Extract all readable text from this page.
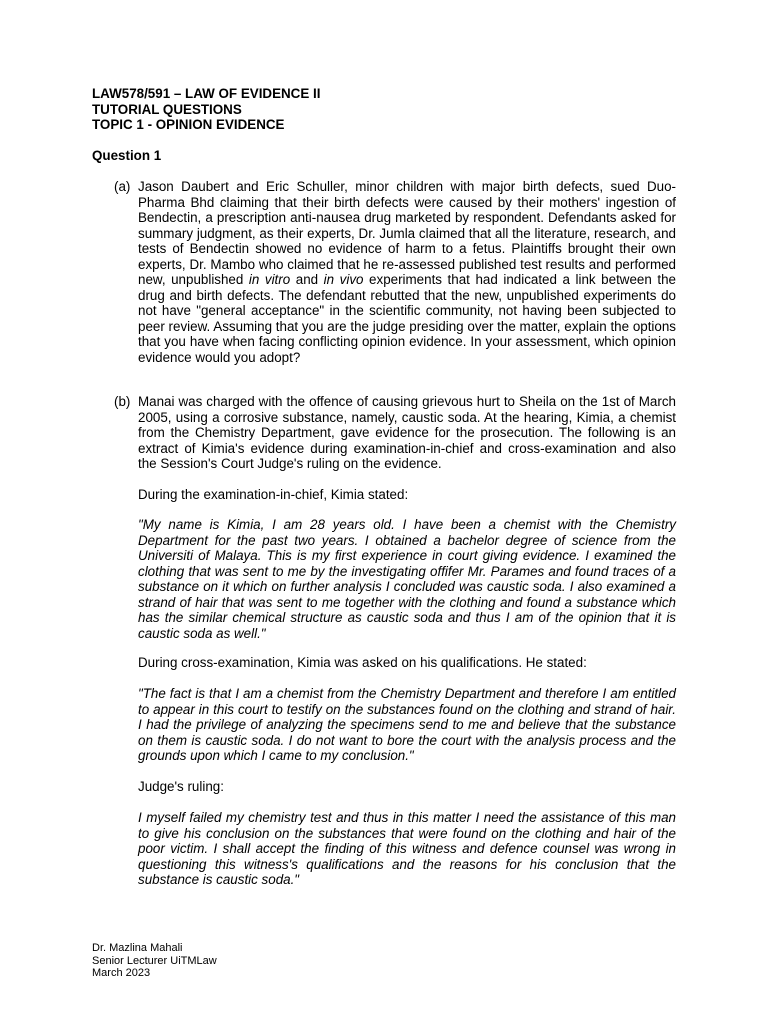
LAW578/591 – LAW OF EVIDENCE II
TUTORIAL QUESTIONS
TOPIC 1 - OPINION EVIDENCE
Question 1
(a) Jason Daubert and Eric Schuller, minor children with major birth defects, sued Duo-Pharma Bhd claiming that their birth defects were caused by their mothers' ingestion of Bendectin, a prescription anti-nausea drug marketed by respondent. Defendants asked for summary judgment, as their experts, Dr. Jumla claimed that all the literature, research, and tests of Bendectin showed no evidence of harm to a fetus. Plaintiffs brought their own experts, Dr. Mambo who claimed that he re-assessed published test results and performed new, unpublished in vitro and in vivo experiments that had indicated a link between the drug and birth defects. The defendant rebutted that the new, unpublished experiments do not have "general acceptance" in the scientific community, not having been subjected to peer review. Assuming that you are the judge presiding over the matter, explain the options that you have when facing conflicting opinion evidence. In your assessment, which opinion evidence would you adopt?

(b) Manai was charged with the offence of causing grievous hurt to Sheila on the 1st of March 2005, using a corrosive substance, namely, caustic soda. At the hearing, Kimia, a chemist from the Chemistry Department, gave evidence for the prosecution. The following is an extract of Kimia's evidence during examination-in-chief and cross-examination and also the Session's Court Judge's ruling on the evidence.

During the examination-in-chief, Kimia stated:

"My name is Kimia, I am 28 years old. I have been a chemist with the Chemistry Department for the past two years. I obtained a bachelor degree of science from the Universiti of Malaya. This is my first experience in court giving evidence. I examined the clothing that was sent to me by the investigating offifer Mr. Parames and found traces of a substance on it which on further analysis I concluded was caustic soda. I also examined a strand of hair that was sent to me together with the clothing and found a substance which has the similar chemical structure as caustic soda and thus I am of the opinion that it is caustic soda as well."

During cross-examination, Kimia was asked on his qualifications. He stated:

"The fact is that I am a chemist from the Chemistry Department and therefore I am entitled to appear in this court to testify on the substances found on the clothing and strand of hair. I had the privilege of analyzing the specimens send to me and believe that the substance on them is caustic soda. I do not want to bore the court with the analysis process and the grounds upon which I came to my conclusion."

Judge's ruling:

I myself failed my chemistry test and thus in this matter I need the assistance of this man to give his conclusion on the substances that were found on the clothing and hair of the poor victim. I shall accept the finding of this witness and defence counsel was wrong in questioning this witness's qualifications and the reasons for his conclusion that the substance is caustic soda."

Dr. Mazlina Mahali
Senior Lecturer UiTMLaw
March 2023
